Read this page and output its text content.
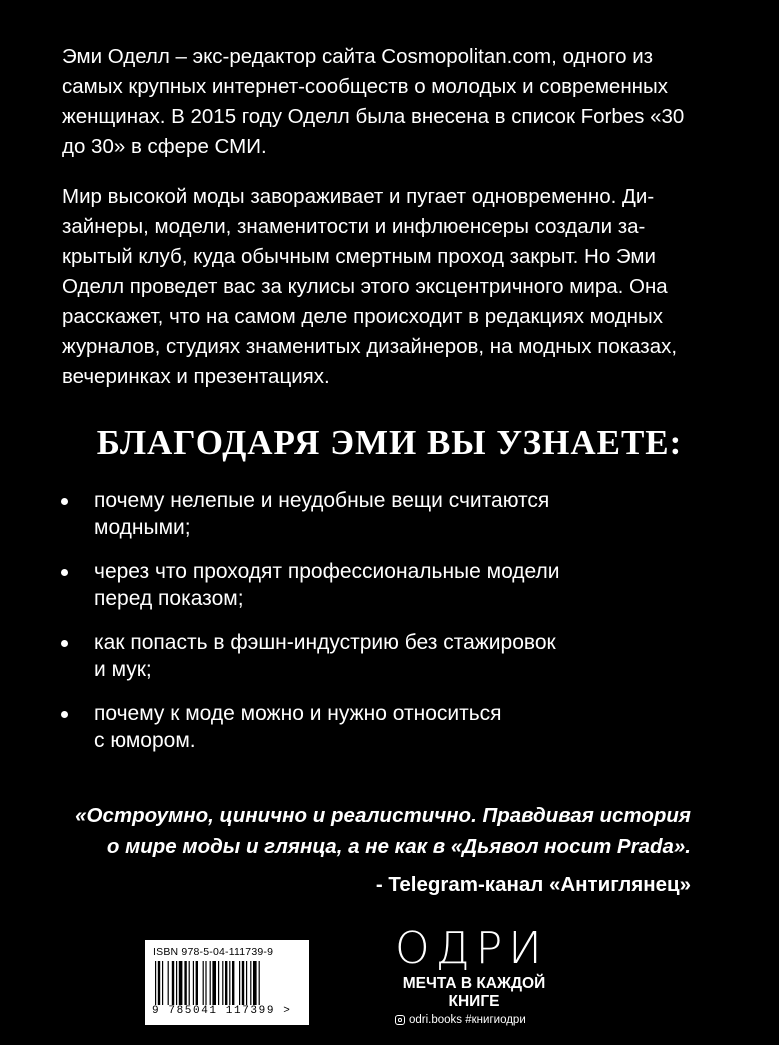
Эми Оделл – экс-редактор сайта Cosmopolitan.com, одного из
самых крупных интернет-сообществ о молодых и современных
женщинах. В 2015 году Оделл была внесена в список Forbes «30
до 30» в сфере СМИ.
Мир высокой моды завораживает и пугает одновременно. Ди-
зайнеры, модели, знаменитости и инфлюенсеры создали за-
крытый клуб, куда обычным смертным проход закрыт. Но Эми
Оделл проведет вас за кулисы этого эксцентричного мира. Она
расскажет, что на самом деле происходит в редакциях модных
журналов, студиях знаменитых дизайнеров, на модных показах,
вечеринках и презентациях.
БЛАГОДАРЯ ЭМИ ВЫ УЗНАЕТЕ:
почему нелепые и неудобные вещи считаются
модными;
через что проходят профессиональные модели
перед показом;
как попасть в фэшн-индустрию без стажировок
и мук;
почему к моде можно и нужно относиться
с юмором.
«Остроумно, цинично и реалистично. Правдивая история
о мире моды и глянца, а не как в «Дьявол носит Prada».
- Telegram-канал «Антиглянец»
ISBN 978-5-04-111739-9
9 785041 117399 >
ОДРИ
МЕЧТА В КАЖДОЙ
КНИГЕ
odri.books #книгиодри
